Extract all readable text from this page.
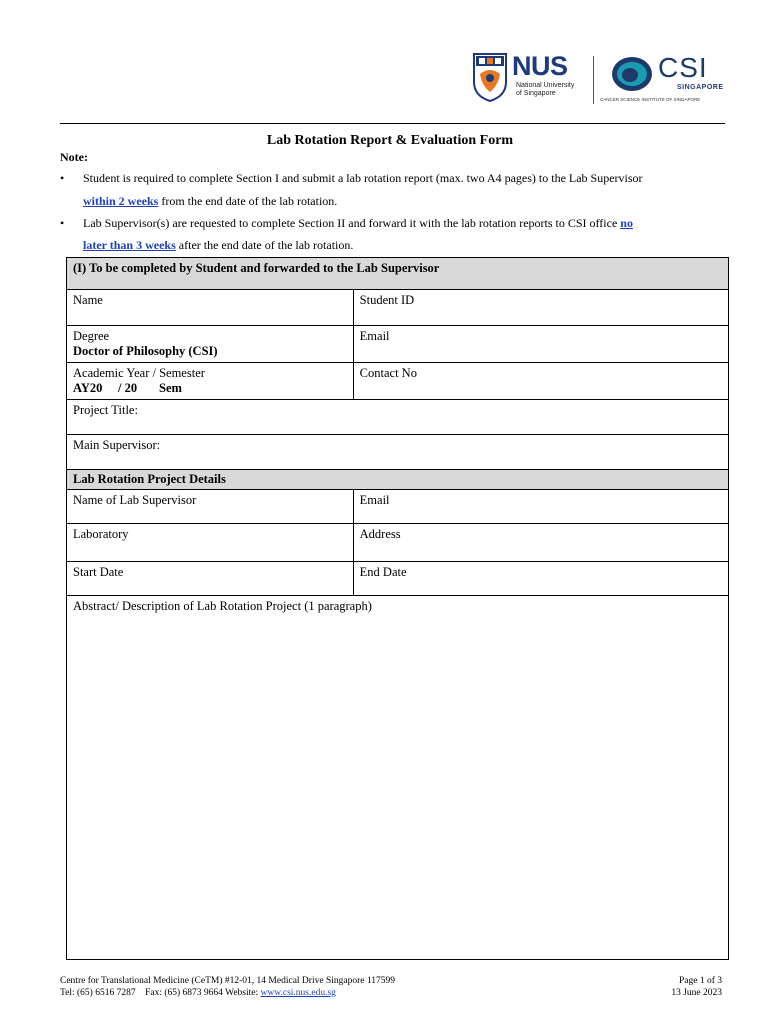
NUS
National University
of Singapore
CSI
SINGAPORE
CANCER SCIENCE INSTITUTE OF SINGAPORE
Lab Rotation Report & Evaluation Form
Note:
• Student is required to complete Section I and submit a lab rotation report (max. two A4 pages) to the Lab Supervisor
within 2 weeks from the end date of the lab rotation.
• Lab Supervisor(s) are requested to complete Section II and forward it with the lab rotation reports to CSI office no
later than 3 weeks after the end date of the lab rotation.
(I) To be completed by Student and forwarded to the Lab Supervisor	
Name	Student ID

Degree
Doctor of Philosophy (CSI)	Email

Academic Year / Semester
AY20     / 20       Sem	Contact No
Project Title:	
Main Supervisor:	
Lab Rotation Project Details	
Name of Lab Supervisor	Email
Laboratory	Address
Start Date	End Date
Abstract/ Description of Lab Rotation Project (1 paragraph)	
Centre for Translational Medicine (CeTM) #12-01, 14 Medical Drive Singapore 117599
Tel: (65) 6516 7287    Fax: (65) 6873 9664 Website: www.csi.nus.edu.sg
Page 1 of 3
13 June 2023
